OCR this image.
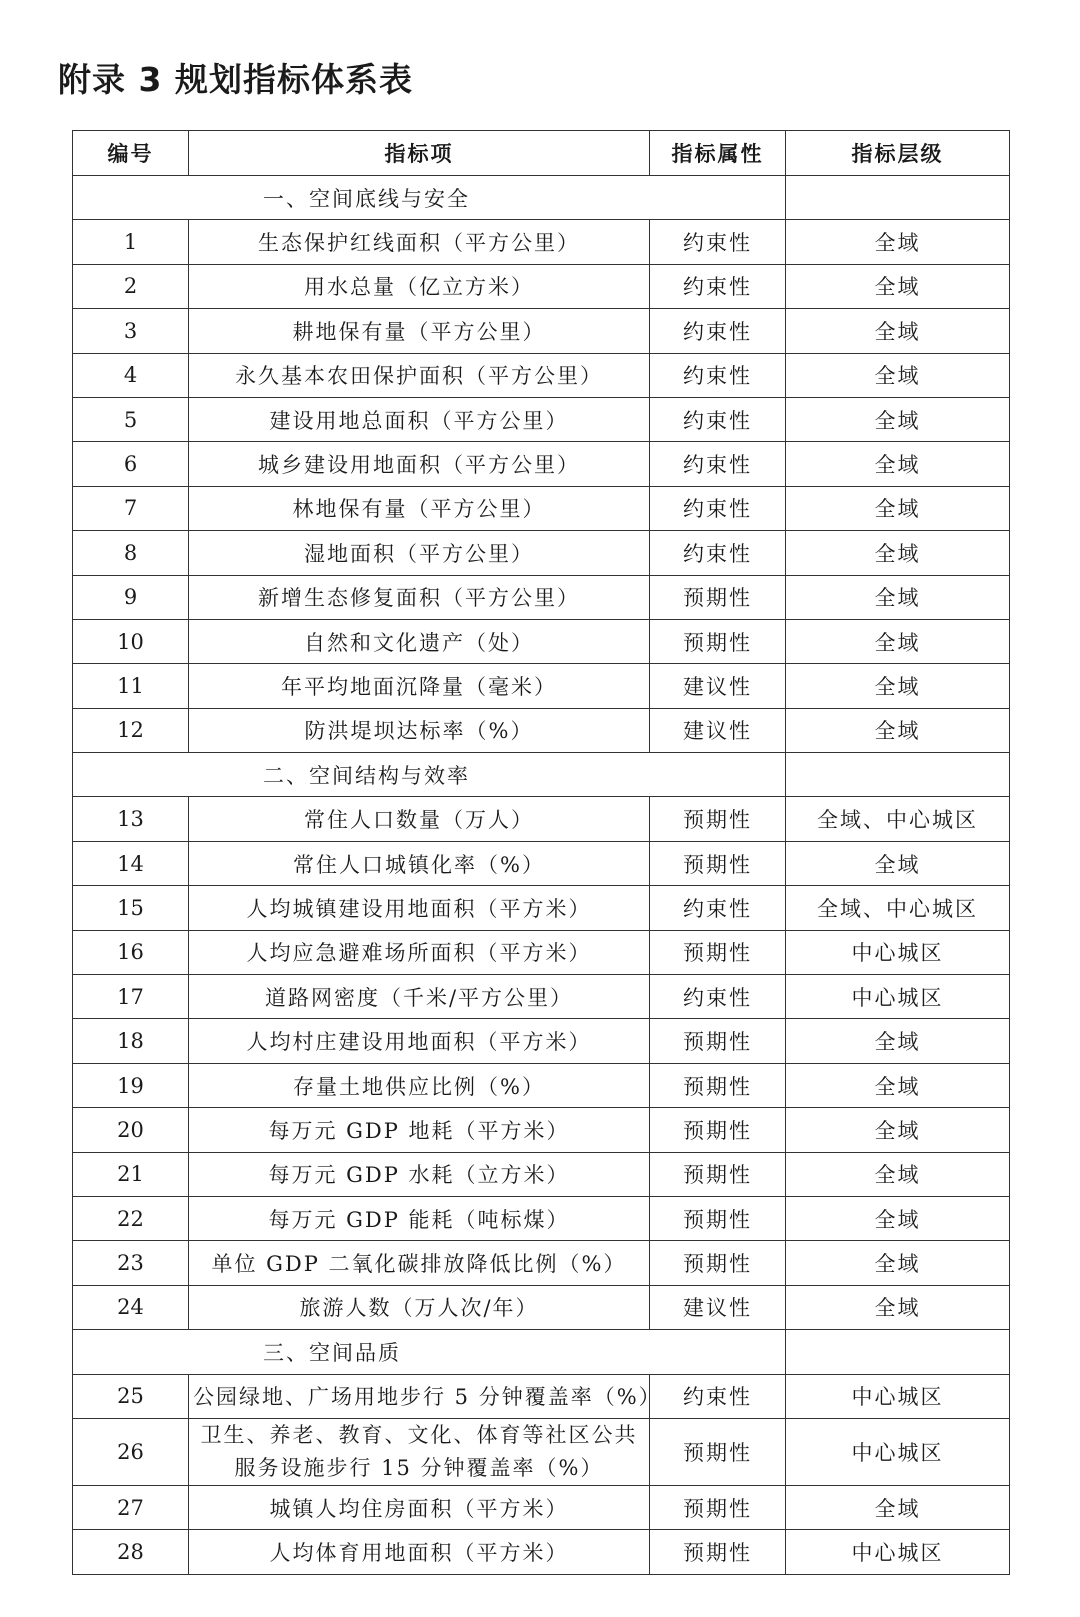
附录 3 规划指标体系表
编号	指标项	指标属性	指标层级
一、空间底线与安全			
1	生态保护红线面积（平方公里）	约束性	全域
2	用水总量（亿立方米）	约束性	全域
3	耕地保有量（平方公里）	约束性	全域
4	永久基本农田保护面积（平方公里）	约束性	全域
5	建设用地总面积（平方公里）	约束性	全域
6	城乡建设用地面积（平方公里）	约束性	全域
7	林地保有量（平方公里）	约束性	全域
8	湿地面积（平方公里）	约束性	全域
9	新增生态修复面积（平方公里）	预期性	全域
10	自然和文化遗产（处）	预期性	全域
11	年平均地面沉降量（毫米）	建议性	全域
12	防洪堤坝达标率（%）	建议性	全域
二、空间结构与效率			
13	常住人口数量（万人）	预期性	全域、中心城区
14	常住人口城镇化率（%）	预期性	全域
15	人均城镇建设用地面积（平方米）	约束性	全域、中心城区
16	人均应急避难场所面积（平方米）	预期性	中心城区
17	道路网密度（千米/平方公里）	约束性	中心城区
18	人均村庄建设用地面积（平方米）	预期性	全域
19	存量土地供应比例（%）	预期性	全域
20	每万元 GDP 地耗（平方米）	预期性	全域
21	每万元 GDP 水耗（立方米）	预期性	全域
22	每万元 GDP 能耗（吨标煤）	预期性	全域
23	单位 GDP 二氧化碳排放降低比例（%）	预期性	全域
24	旅游人数（万人次/年）	建议性	全域
三、空间品质			
25	公园绿地、广场用地步行 5 分钟覆盖率（%）	约束性	中心城区
26	卫生、养老、教育、文化、体育等社区公共服务设施步行 15 分钟覆盖率（%）	预期性	中心城区
27	城镇人均住房面积（平方米）	预期性	全域
28	人均体育用地面积（平方米）	预期性	中心城区
